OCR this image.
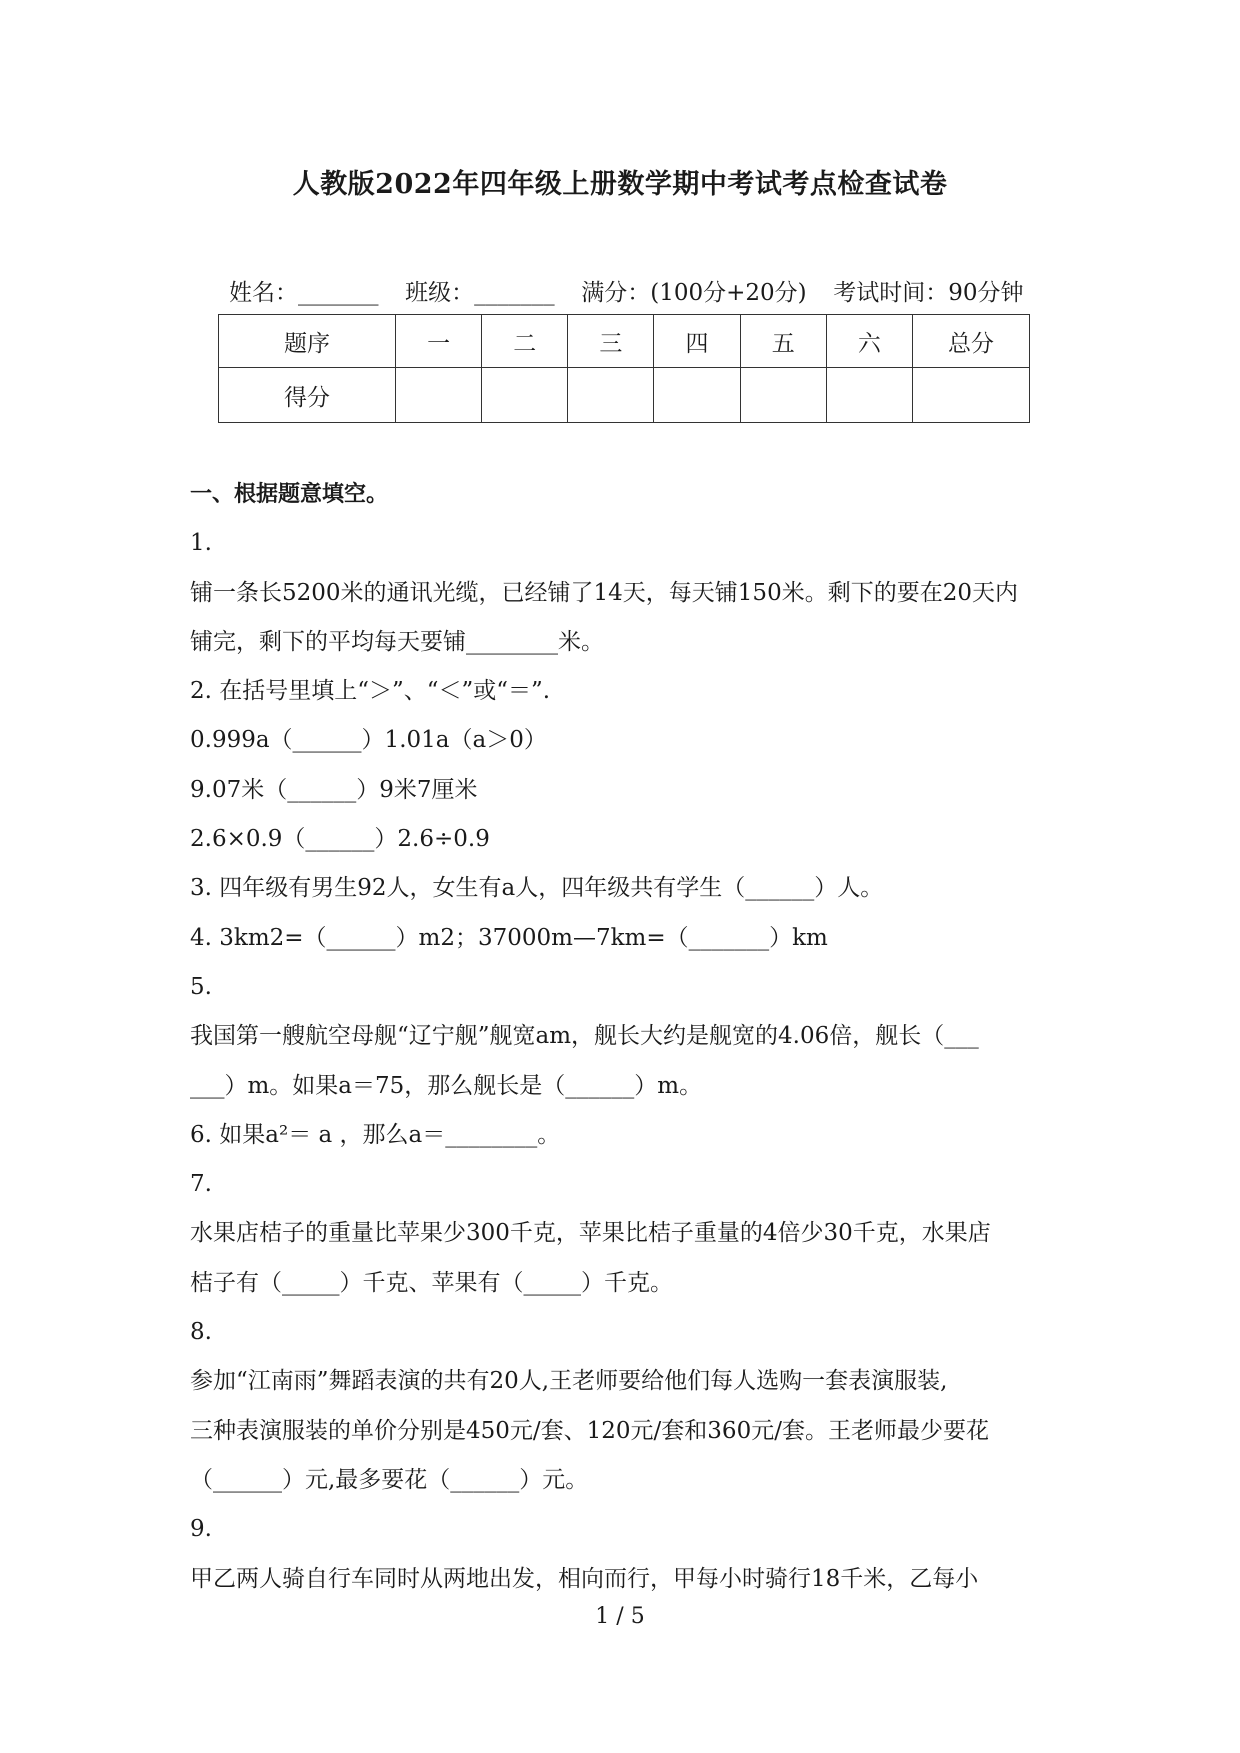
人教版2022年四年级上册数学期中考试考点检查试卷
姓名：_______ 班级：_______ 满分：(100分+20分) 考试时间：90分钟
题序	一	二	三	四	五	六	总分
得分							

一、根据题意填空。

1.

铺一条长5200米的通讯光缆，已经铺了14天，每天铺150米。剩下的要在20天内

铺完，剩下的平均每天要铺________米。

2. 在括号里填上“＞”、“＜”或“＝”.

0.999a（______）1.01a（a＞0）

9.07米（______）9米7厘米

2.6×0.9（______）2.6÷0.9

3. 四年级有男生92人，女生有a人，四年级共有学生（______）人。

4. 3km2=（______）m2；37000m—7km=（_______）km

5.

我国第一艘航空母舰“辽宁舰”舰宽am，舰长大约是舰宽的4.06倍，舰长（___

___）m。如果a＝75，那么舰长是（______）m。

6. 如果a²＝ a ，那么a＝________。

7.

水果店桔子的重量比苹果少300千克，苹果比桔子重量的4倍少30千克，水果店

桔子有（_____）千克、苹果有（_____）千克。

8.

参加“江南雨”舞蹈表演的共有20人,王老师要给他们每人选购一套表演服装,

三种表演服装的单价分别是450元/套、120元/套和360元/套。王老师最少要花

（______）元,最多要花（______）元。

9.

甲乙两人骑自行车同时从两地出发，相向而行，甲每小时骑行18千米，乙每小

1 / 5
